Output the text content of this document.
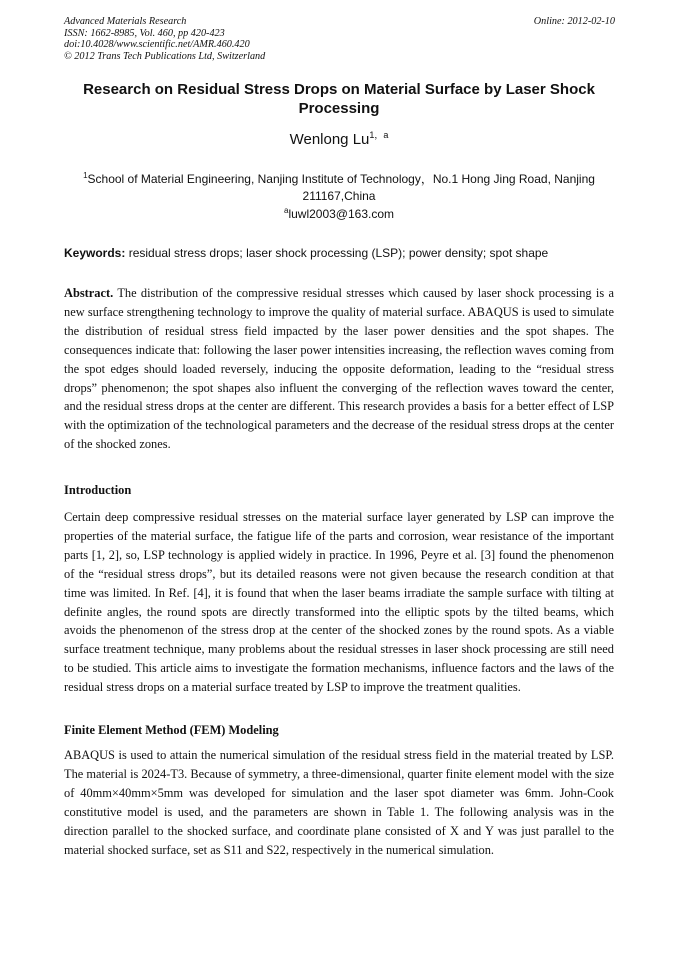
Advanced Materials Research
ISSN: 1662-8985, Vol. 460, pp 420-423
doi:10.4028/www.scientific.net/AMR.460.420
© 2012 Trans Tech Publications Ltd, Switzerland
Online: 2012-02-10
Research on Residual Stress Drops on Material Surface by Laser Shock Processing
Wenlong $Lu^{1,a}$
$^1$School of Material Engineering, Nanjing Institute of Technology，No.1 Hong Jing Road, Nanjing 211167,China
$^a$luwl2003@163.com
Keywords: residual stress drops; laser shock processing (LSP); power density; spot shape
Abstract. The distribution of the compressive residual stresses which caused by laser shock processing is a new surface strengthening technology to improve the quality of material surface. ABAQUS is used to simulate the distribution of residual stress field impacted by the laser power densities and the spot shapes. The consequences indicate that: following the laser power intensities increasing, the reflection waves coming from the spot edges should loaded reversely, inducing the opposite deformation, leading to the “residual stress drops” phenomenon; the spot shapes also influent the converging of the reflection waves toward the center, and the residual stress drops at the center are different. This research provides a basis for a better effect of LSP with the optimization of the technological parameters and the decrease of the residual stress drops at the center of the shocked zones.
Introduction
Certain deep compressive residual stresses on the material surface layer generated by LSP can improve the properties of the material surface, the fatigue life of the parts and corrosion, wear resistance of the important parts [1, 2], so, LSP technology is applied widely in practice. In 1996, Peyre et al. [3] found the phenomenon of the “residual stress drops”, but its detailed reasons were not given because the research condition at that time was limited. In Ref. [4], it is found that when the laser beams irradiate the sample surface with tilting at definite angles, the round spots are directly transformed into the elliptic spots by the tilted beams, which avoids the phenomenon of the stress drop at the center of the shocked zones by the round spots. As a viable surface treatment technique, many problems about the residual stresses in laser shock processing are still need to be studied. This article aims to investigate the formation mechanisms, influence factors and the laws of the residual stress drops on a material surface treated by LSP to improve the treatment qualities.
Finite Element Method (FEM) Modeling
ABAQUS is used to attain the numerical simulation of the residual stress field in the material treated by LSP. The material is 2024-T3. Because of symmetry, a three-dimensional, quarter finite element model with the size of 40mm×40mm×5mm was developed for simulation and the laser spot diameter was 6mm. John-Cook constitutive model is used, and the parameters are shown in Table 1. The following analysis was in the direction parallel to the shocked surface, and coordinate plane consisted of X and Y was just parallel to the material shocked surface, set as S11 and S22, respectively in the numerical simulation.
